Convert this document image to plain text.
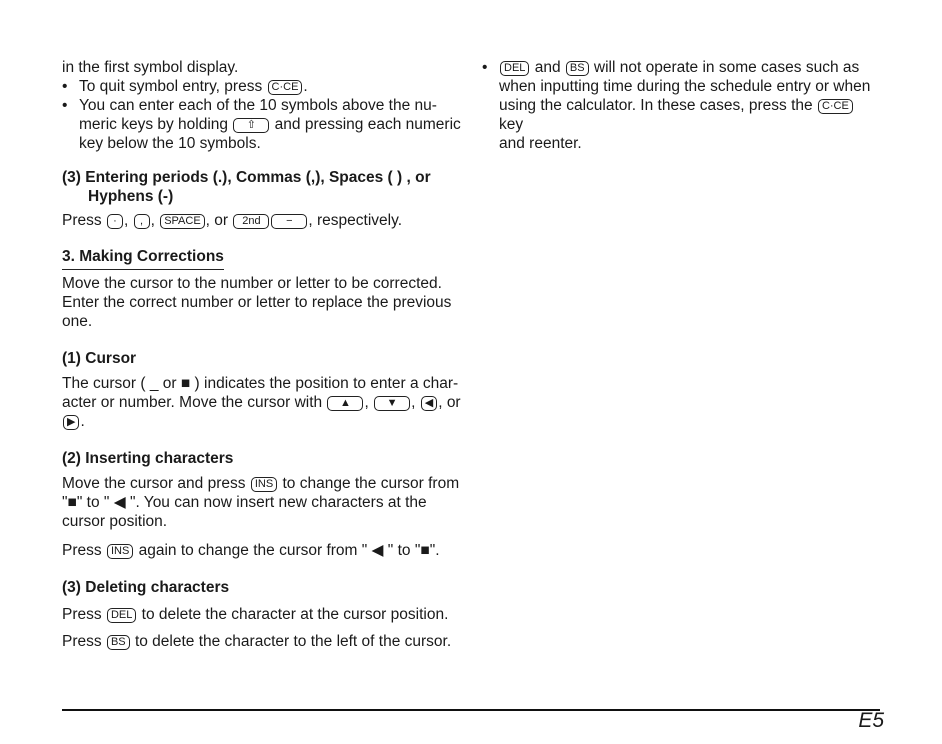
in the first symbol display.

• To quit symbol entry, press C·CE .

• You can enter each of the 10 symbols above the nu-
meric keys by holding ⇧ and pressing each numeric
key below the 10 symbols.

(3) Entering periods (.), Commas (,), Spaces ( ) , or
Hyphens (-)

Press · , , , SPACE , or 2nd − , respectively.

3. Making Corrections

Move the cursor to the number or letter to be corrected.
Enter the correct number or letter to replace the previous
one.

(1) Cursor

The cursor ( _ or ■ ) indicates the position to enter a char-
acter or number. Move the cursor with ▲ , ▼ , ◀ , or ▶ .

(2) Inserting characters

Move the cursor and press INS to change the cursor from
"■" to " ◀ ". You can now insert new characters at the
cursor position.

Press INS again to change the cursor from " ◀ " to "■".

(3) Deleting characters

Press DEL to delete the character at the cursor position.

Press BS to delete the character to the left of the cursor.

• DEL and BS will not operate in some cases such as
when inputting time during the schedule entry or when
using the calculator. In these cases, press the C·CE key
and reenter.

E5
